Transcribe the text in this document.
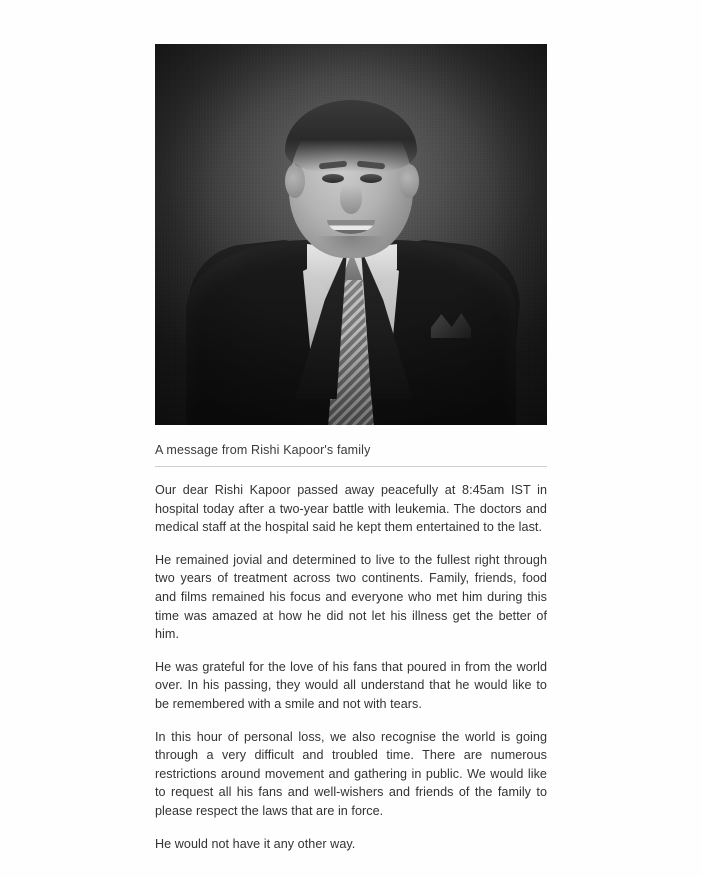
A message from Rishi Kapoor's family

Our dear Rishi Kapoor passed away peacefully at 8:45am IST in hospital today after a two-year battle with leukemia. The doctors and medical staff at the hospital said he kept them entertained to the last.

He remained jovial and determined to live to the fullest right through two years of treatment across two continents. Family, friends, food and films remained his focus and everyone who met him during this time was amazed at how he did not let his illness get the better of him.

He was grateful for the love of his fans that poured in from the world over. In his passing, they would all understand that he would like to be remembered with a smile and not with tears.

In this hour of personal loss, we also recognise the world is going through a very difficult and troubled time. There are numerous restrictions around movement and gathering in public. We would like to request all his fans and well-wishers and friends of the family to please respect the laws that are in force.

He would not have it any other way.
